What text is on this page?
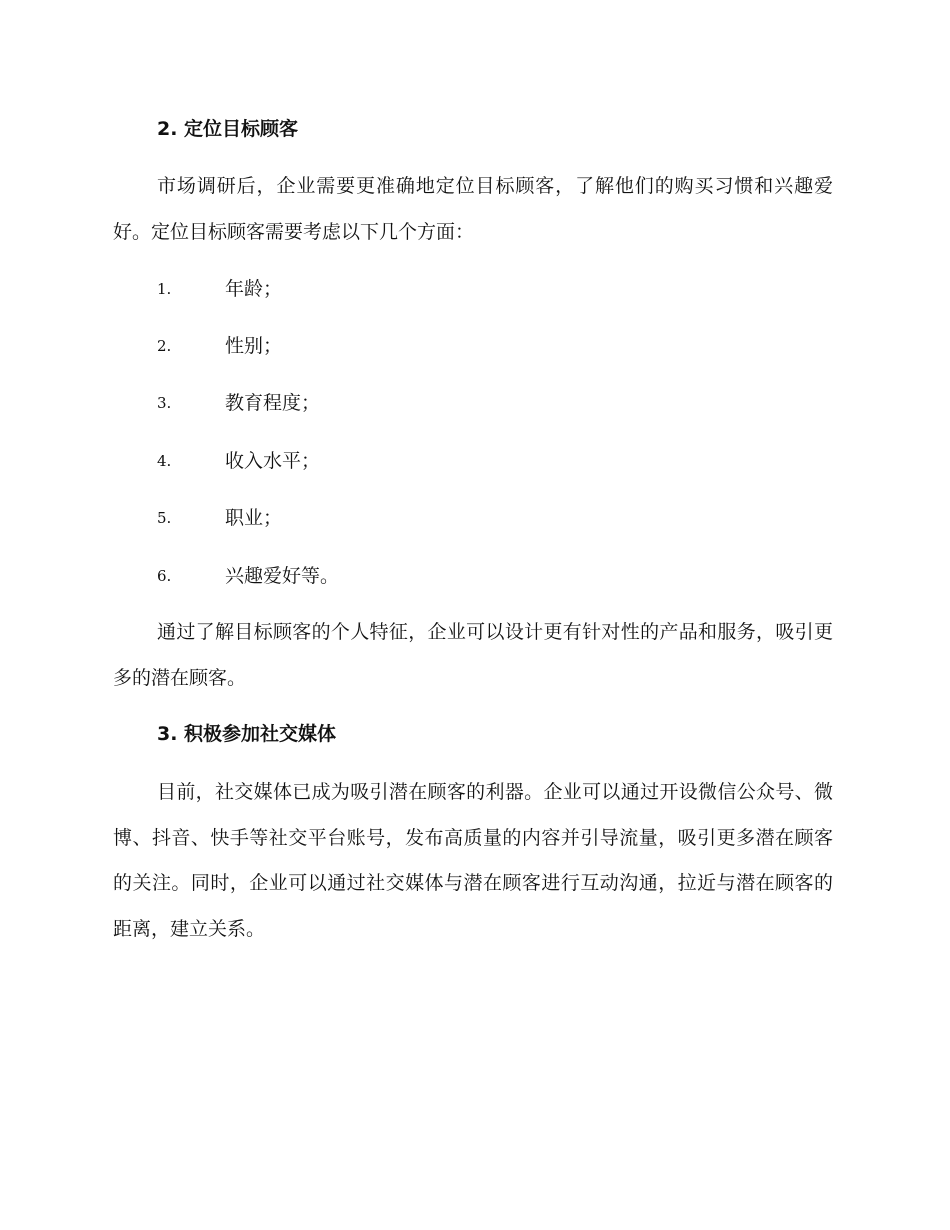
2. 定位目标顾客

市场调研后，企业需要更准确地定位目标顾客，了解他们的购买习惯和兴趣爱好。定位目标顾客需要考虑以下几个方面：

1.	年龄；
2.	性别；
3.	教育程度；
4.	收入水平；
5.	职业；
6.	兴趣爱好等。

通过了解目标顾客的个人特征，企业可以设计更有针对性的产品和服务，吸引更多的潜在顾客。

3. 积极参加社交媒体

目前，社交媒体已成为吸引潜在顾客的利器。企业可以通过开设微信公众号、微博、抖音、快手等社交平台账号，发布高质量的内容并引导流量，吸引更多潜在顾客的关注。同时，企业可以通过社交媒体与潜在顾客进行互动沟通，拉近与潜在顾客的距离，建立关系。
